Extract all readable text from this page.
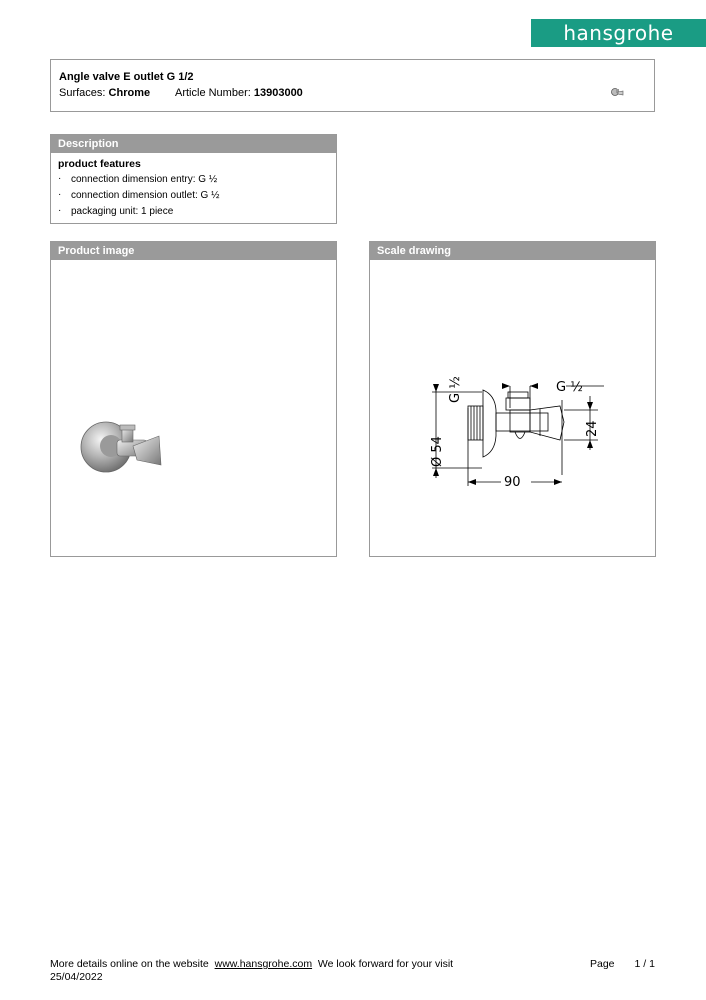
hansgrohe
Angle valve E outlet G 1/2
Surfaces: Chrome Article Number: 13903000
Description
product features
· connection dimension entry: G ½
· connection dimension outlet: G ½
· packaging unit: 1 piece
Product image	Scale drawing
G ½	G ½
Ø 54
24
90
More details online on the website www.hansgrohe.com We look forward for your visit
25/04/2022
Page 1 / 1
